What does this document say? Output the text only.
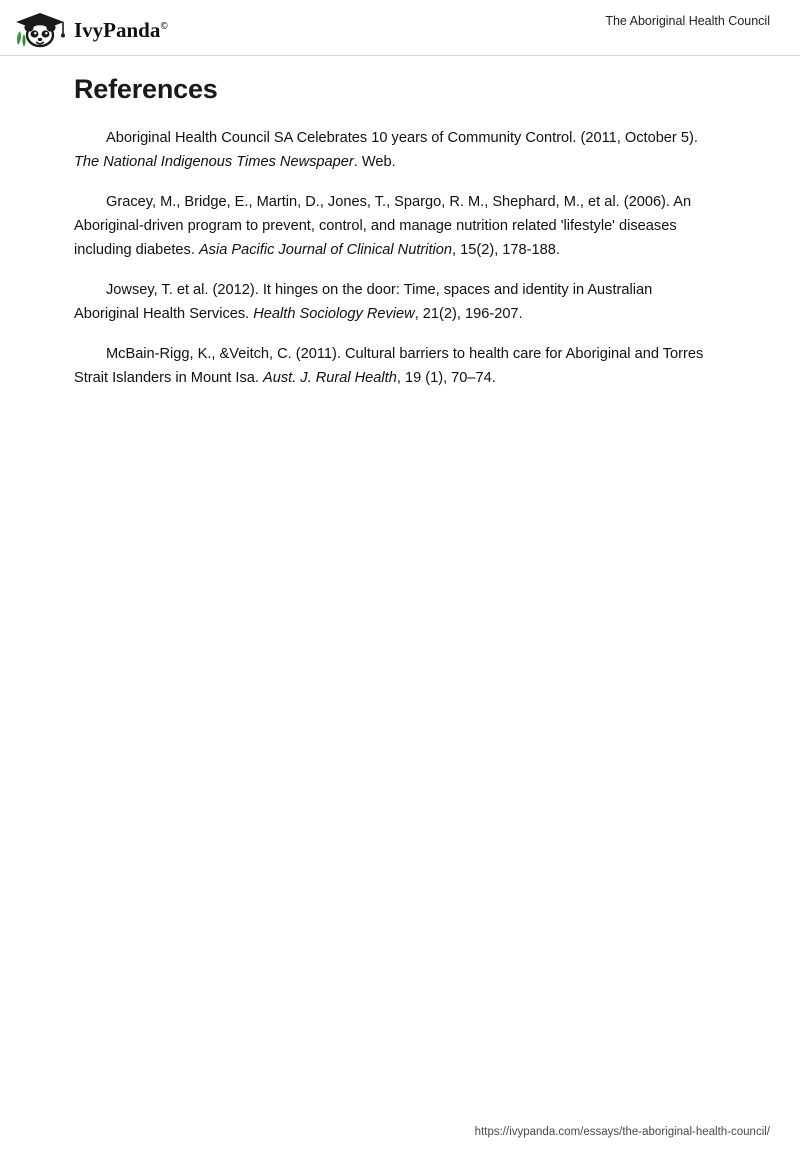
IvyPanda©	The Aboriginal Health Council
References

Aboriginal Health Council SA Celebrates 10 years of Community Control. (2011, October 5). The National Indigenous Times Newspaper. Web.

Gracey, M., Bridge, E., Martin, D., Jones, T., Spargo, R. M., Shephard, M., et al. (2006). An Aboriginal-driven program to prevent, control, and manage nutrition related 'lifestyle' diseases including diabetes. Asia Pacific Journal of Clinical Nutrition, 15(2), 178-188.

Jowsey, T. et al. (2012). It hinges on the door: Time, spaces and identity in Australian Aboriginal Health Services. Health Sociology Review, 21(2), 196-207.

McBain-Rigg, K., &Veitch, C. (2011). Cultural barriers to health care for Aboriginal and Torres Strait Islanders in Mount Isa. Aust. J. Rural Health, 19 (1), 70–74.

https://ivypanda.com/essays/the-aboriginal-health-council/
